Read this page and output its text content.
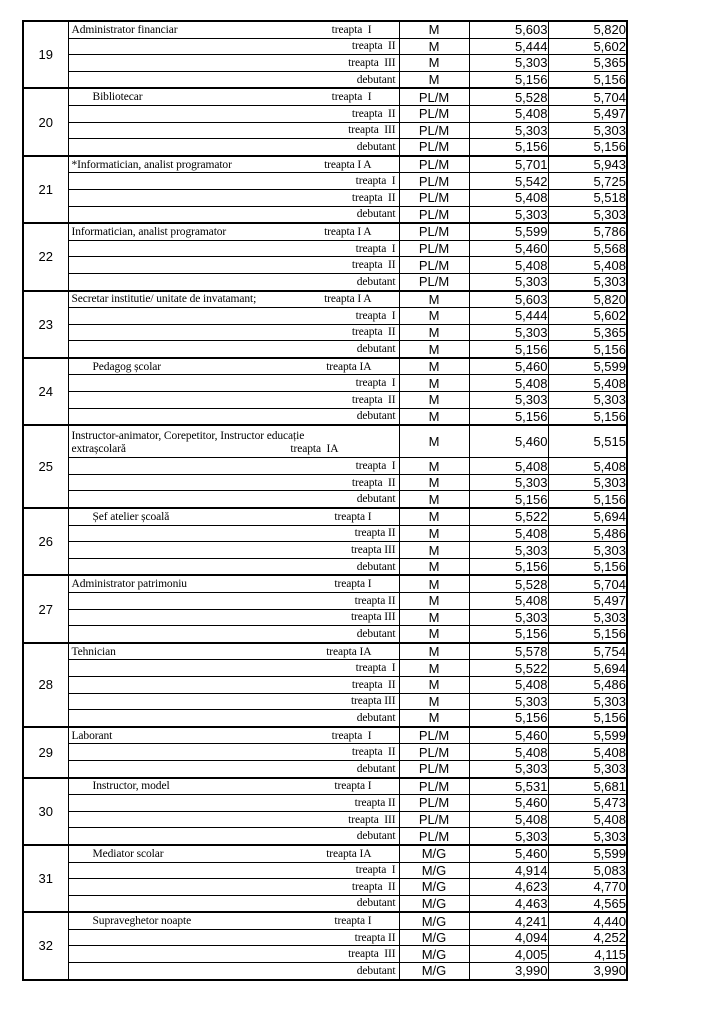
19	Administrator financiar treapta  I	M	5,603	5,820
	treapta  II	M	5,444	5,602
	treapta  III	M	5,303	5,365
	debutant	M	5,156	5,156
20	Bibliotecar treapta  I	PL/M	5,528	5,704
	treapta  II	PL/M	5,408	5,497
	treapta  III	PL/M	5,303	5,303
	debutant	PL/M	5,156	5,156
21	*Informatician, analist programator treapta I A	PL/M	5,701	5,943
	treapta  I	PL/M	5,542	5,725
	treapta  II	PL/M	5,408	5,518
	debutant	PL/M	5,303	5,303
22	Informatician, analist programator treapta I A	PL/M	5,599	5,786
	treapta  I	PL/M	5,460	5,568
	treapta  II	PL/M	5,408	5,408
	debutant	PL/M	5,303	5,303
23	Secretar institutie/ unitate de invatamant; treapta I A	M	5,603	5,820
	treapta  I	M	5,444	5,602
	treapta  II	M	5,303	5,365
	debutant	M	5,156	5,156
24	Pedagog școlar treapta IA	M	5,460	5,599
	treapta  I	M	5,408	5,408
	treapta  II	M	5,303	5,303
	debutant	M	5,156	5,156
25	Instructor-animator, Corepetitor, Instructor educație
extrașcolară treapta  IA	M	5,460	5,515
	treapta  I	M	5,408	5,408
	treapta  II	M	5,303	5,303
	debutant	M	5,156	5,156
26	Șef atelier școală treapta I	M	5,522	5,694
	treapta II	M	5,408	5,486
	treapta III	M	5,303	5,303
	debutant	M	5,156	5,156
27	Administrator patrimoniu treapta I	M	5,528	5,704
	treapta II	M	5,408	5,497
	treapta III	M	5,303	5,303
	debutant	M	5,156	5,156
28	Tehnician treapta IA	M	5,578	5,754
	treapta  I	M	5,522	5,694
	treapta  II	M	5,408	5,486
	treapta III	M	5,303	5,303
	debutant	M	5,156	5,156
29	Laborant treapta  I	PL/M	5,460	5,599
	treapta  II	PL/M	5,408	5,408
	debutant	PL/M	5,303	5,303
30	Instructor, model treapta I	PL/M	5,531	5,681
	treapta II	PL/M	5,460	5,473
	treapta  III	PL/M	5,408	5,408
	debutant	PL/M	5,303	5,303
31	Mediator scolar treapta IA	M/G	5,460	5,599
	treapta  I	M/G	4,914	5,083
	treapta  II	M/G	4,623	4,770
	debutant	M/G	4,463	4,565
32	Supraveghetor noapte treapta I	M/G	4,241	4,440
	treapta II	M/G	4,094	4,252
	treapta  III	M/G	4,005	4,115
	debutant	M/G	3,990	3,990
